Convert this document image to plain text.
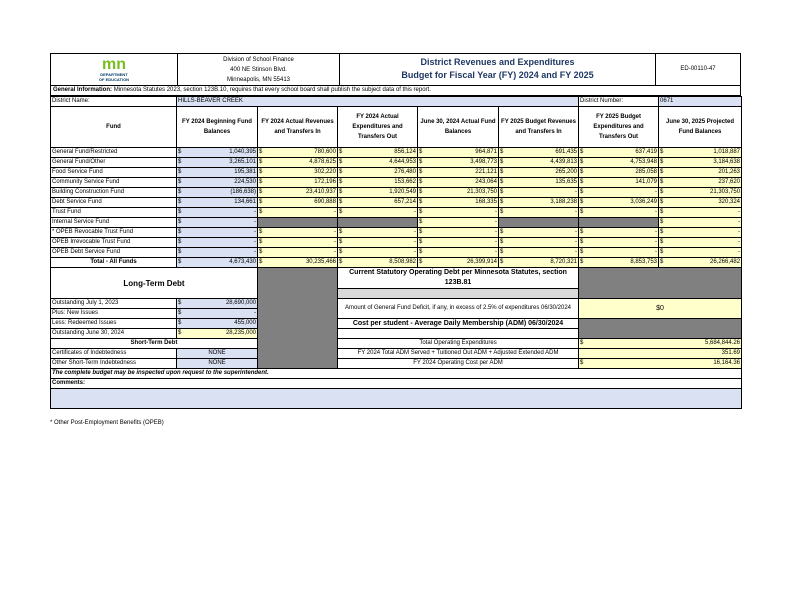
mn
DEPARTMENT
OF EDUCATION
Division of School Finance
400 NE Stinson Blvd.
Minneapolis, MN 55413
District Revenues and Expenditures
Budget for Fiscal Year (FY) 2024 and FY 2025
ED-00110-47
General Information: Minnesota Statutes 2023, section 123B.10, requires that every school board shall publish the subject data of this report.
District Name:	HILLS-BEAVER CREEK					District Number:	0671
Fund	FY 2024 Beginning Fund Balances	FY 2024 Actual Revenues and Transfers In	FY 2024 Actual Expenditures and Transfers Out	June 30, 2024 Actual Fund Balances	FY 2025 Budget Revenues and Transfers In	FY 2025 Budget Expenditures and Transfers Out	June 30, 2025 Projected Fund Balances
General Fund/Restricted	$ 1,040,395	$ 780,600	$ 856,124	$ 964,871	$ 691,435	$ 637,419	$ 1,018,887

General Fund/Other	$ 3,265,101	$ 4,878,625	$ 4,644,953	$ 3,498,773	$ 4,439,813	$ 4,753,948	$ 3,184,638

Food Service Fund	$ 195,381	$ 302,220	$ 276,480	$ 221,121	$ 265,200	$ 285,058	$ 201,263

Community Service Fund	$ 224,530	$ 172,196	$ 153,662	$ 243,064	$ 135,635	$ 141,079	$ 237,620

Building Construction Fund	$ (186,638)	$ 23,410,937	$ 1,920,549	$ 21,303,750	$ -	$ -	$ 21,303,750

Debt Service Fund	$ 134,661	$ 690,888	$ 657,214	$ 168,335	$ 3,188,238	$ 3,036,249	$ 320,324

Trust Fund	$ -	$ -	$ -	$ -	$ -	$ -	$ -

Internal Service Fund	$ -			$ -			$ -

* OPEB Revocable Trust Fund	$ -	$ -	$ -	$ -	$ -	$ -	$ -

OPEB Irrevocable Trust Fund	$ -	$ -	$ -	$ -	$ -	$ -	$ -

OPEB Debt Service Fund	$ -	$ -	$ -	$ -	$ -	$ -	$ -

Total - All Funds	$ 4,673,430	$ 30,235,466	$ 8,508,982	$ 26,399,914	$ 8,720,321	$ 8,853,753	$ 26,266,482

Long-Term Debt			Current Statutory Operating Debt per Minnesota Statutes, section 123B.81				

Outstanding July 1, 2023	$ 28,690,000		Amount of General Fund Deficit, if any, in excess of 2.5% of expenditures 06/30/2024			$0	
Plus: New Issues	$ -						

Less: Redeemed Issues	$ 455,000		Cost per student - Average Daily Membership (ADM) 06/30/2024				
Outstanding June 30, 2024	$ 28,235,000						

Short-Term Debt			Total Operating Expenditures			$ 5,684,844.26	

Certificates of Indebtedness	NONE		FY 2024 Total ADM Served + Tuitioned Out ADM + Adjusted Extended ADM			351.69	
Other Short-Term Indebtedness	NONE		FY 2024 Operating Cost per ADM			$ 16,164.36	

The complete budget may be inspected upon request to the superintendent.							
Comments:							

* Other Post-Employment Benefits (OPEB)
